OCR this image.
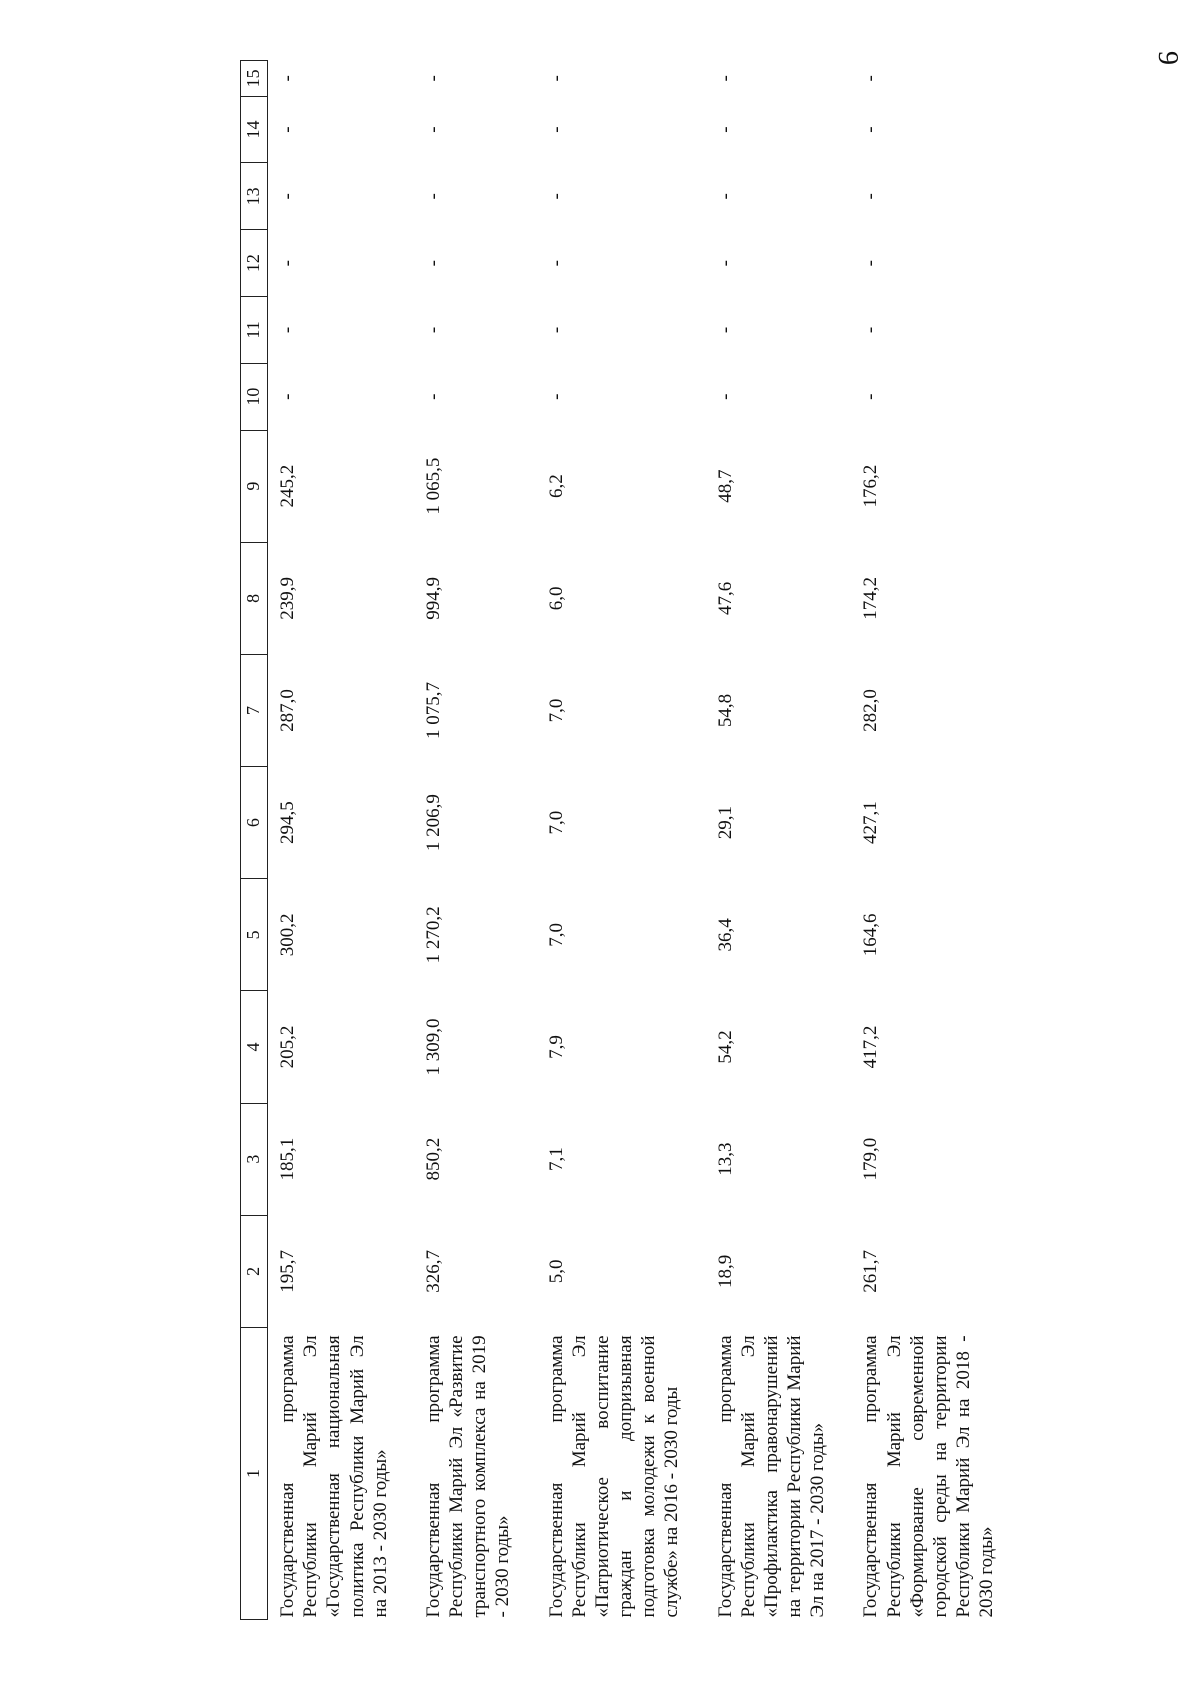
9
1	2	3	4	5	6	7	8	9	10	11	12	13	14	15
Государственная программа Республики Марий Эл «Государственная национальная политика Республики Марий Эл на 2013 - 2030 годы»	195,7	185,1	205,2	300,2	294,5	287,0	239,9	245,2	-	-	-	-	-	-
Государственная программа Республики Марий Эл «Развитие транспортного комплекса на 2019 - 2030 годы»	326,7	850,2	1 309,0	1 270,2	1 206,9	1 075,7	994,9	1 065,5	-	-	-	-	-	-
Государственная программа Республики Марий Эл «Патриотическое воспитание граждан и допризывная подготовка молодежи к военной службе» на 2016 - 2030 годы	5,0	7,1	7,9	7,0	7,0	7,0	6,0	6,2	-	-	-	-	-	-
Государственная программа Республики Марий Эл «Профилактика правонарушений на территории Республики Марий Эл на 2017 - 2030 годы»	18,9	13,3	54,2	36,4	29,1	54,8	47,6	48,7	-	-	-	-	-	-
Государственная программа Республики Марий Эл «Формирование современной городской среды на территории Республики Марий Эл на 2018 - 2030 годы»	261,7	179,0	417,2	164,6	427,1	282,0	174,2	176,2	-	-	-	-	-	-
